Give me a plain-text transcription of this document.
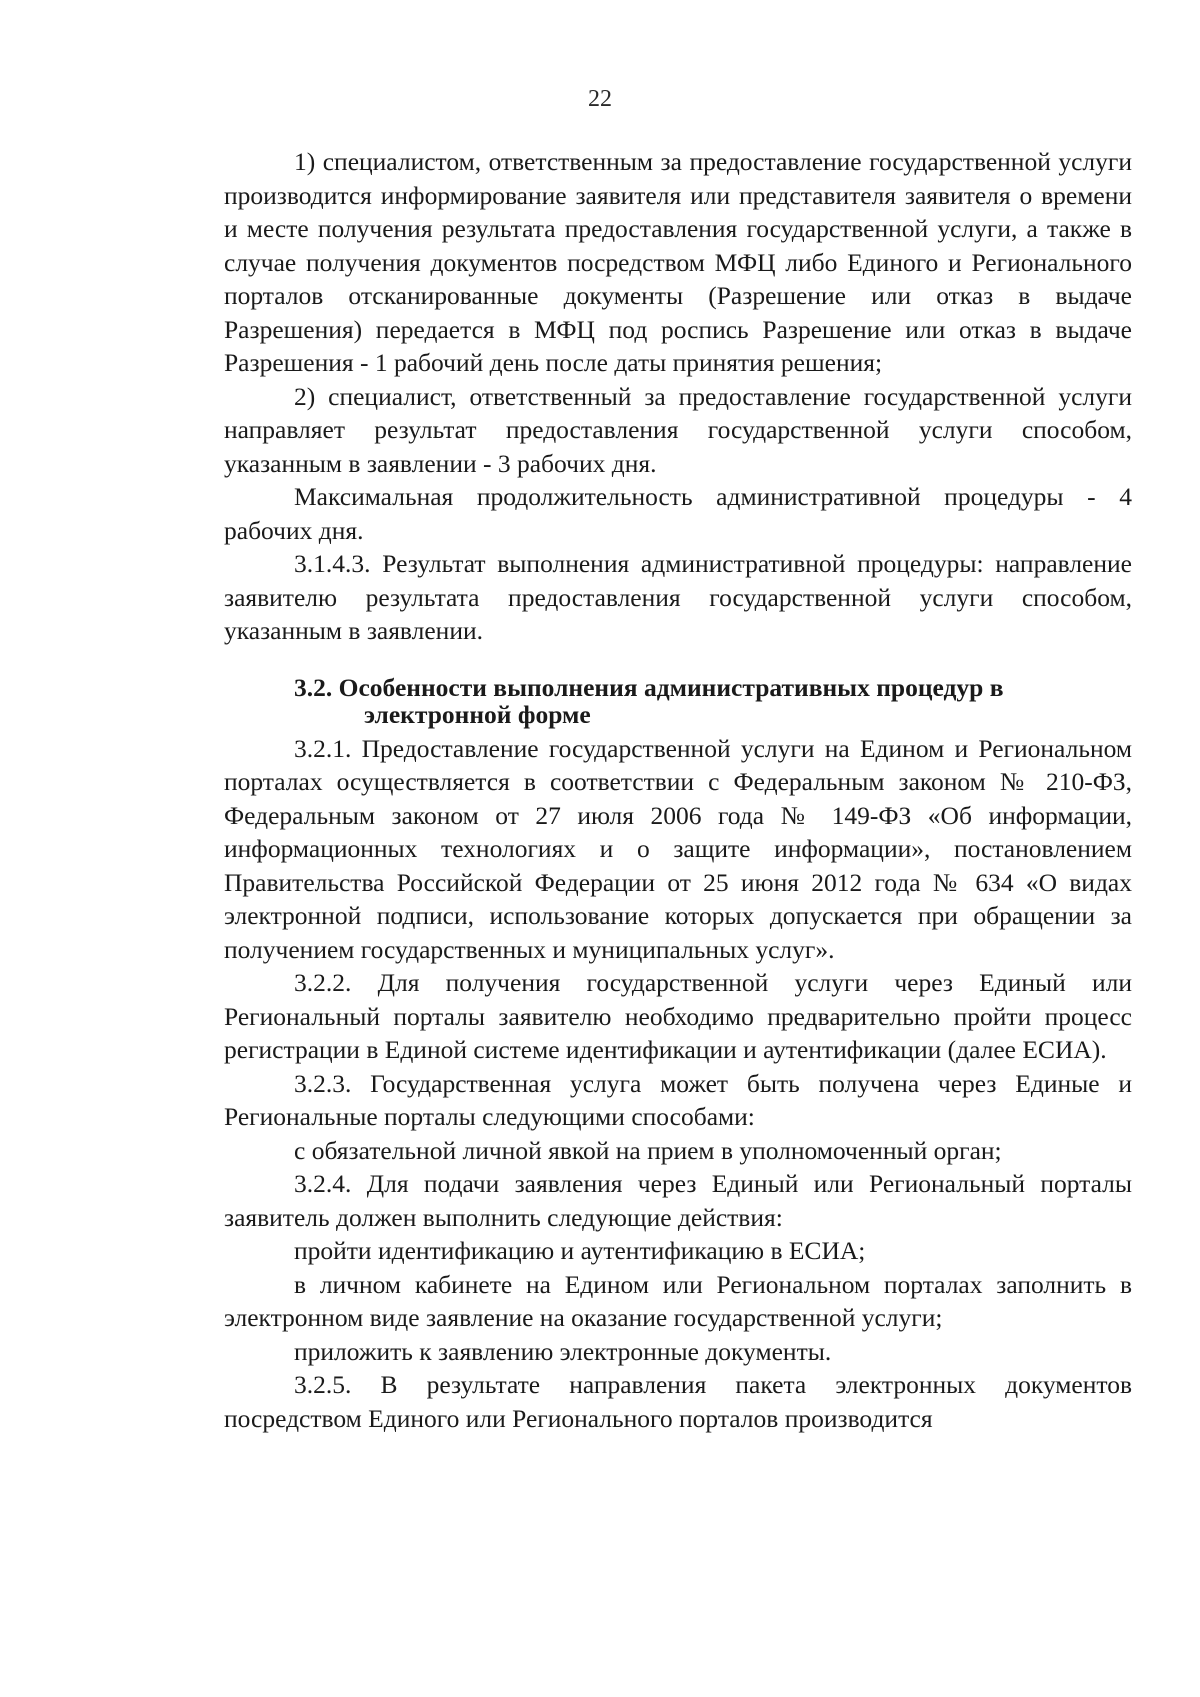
22

1) специалистом, ответственным за предоставление государственной услуги производится информирование заявителя или представителя заявителя о времени и месте получения результата предоставления государственной услуги, а также в случае получения документов посредством МФЦ либо Единого и Регионального порталов отсканированные документы (Разрешение или отказ в выдаче Разрешения) передается в МФЦ под роспись Разрешение или отказ в выдаче Разрешения - 1 рабочий день после даты принятия решения;

2) специалист, ответственный за предоставление государственной услуги направляет результат предоставления государственной услуги способом, указанным в заявлении - 3 рабочих дня.

Максимальная продолжительность административной процедуры - 4 рабочих дня.

3.1.4.3. Результат выполнения административной процедуры: направление заявителю результата предоставления государственной услуги способом, указанным в заявлении.

3.2. Особенности выполнения административных процедур в
электронной форме

3.2.1. Предоставление государственной услуги на Едином и Региональном порталах осуществляется в соответствии с Федеральным законом № 210-ФЗ, Федеральным законом от 27 июля 2006 года № 149-ФЗ «Об информации, информационных технологиях и о защите информации», постановлением Правительства Российской Федерации от 25 июня 2012 года № 634 «О видах электронной подписи, использование которых допускается при обращении за получением государственных и муниципальных услуг».

3.2.2. Для получения государственной услуги через Единый или Региональный порталы заявителю необходимо предварительно пройти процесс регистрации в Единой системе идентификации и аутентификации (далее ЕСИА).

3.2.3. Государственная услуга может быть получена через Единые и Региональные порталы следующими способами:

с обязательной личной явкой на прием в уполномоченный орган;

3.2.4. Для подачи заявления через Единый или Региональный порталы заявитель должен выполнить следующие действия:

пройти идентификацию и аутентификацию в ЕСИА;

в личном кабинете на Едином или Региональном порталах заполнить в электронном виде заявление на оказание государственной услуги;

приложить к заявлению электронные документы.

3.2.5. В результате направления пакета электронных документов посредством Единого или Регионального порталов производится
